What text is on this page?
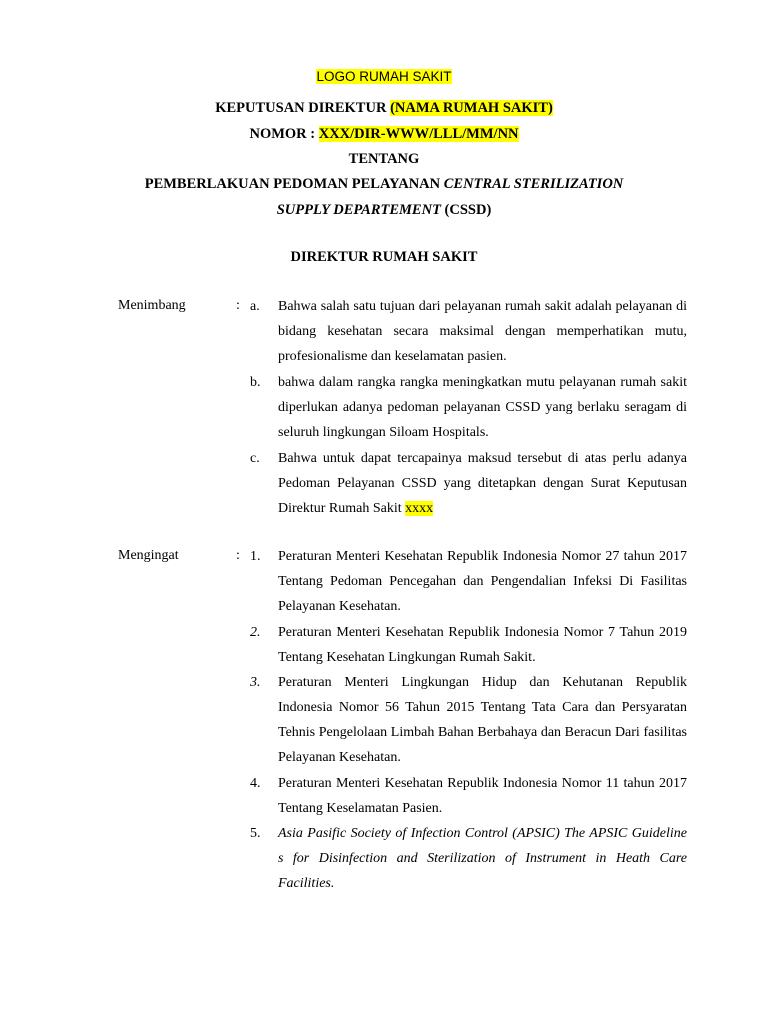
LOGO RUMAH SAKIT
KEPUTUSAN DIREKTUR (NAMA RUMAH SAKIT)
NOMOR : XXX/DIR-WWW/LLL/MM/NN
TENTANG
PEMBERLAKUAN PEDOMAN PELAYANAN CENTRAL STERILIZATION
SUPPLY DEPARTEMENT (CSSD)
DIREKTUR RUMAH SAKIT
Menimbang	: a.	Bahwa salah satu tujuan dari pelayanan rumah sakit adalah pelayanan di bidang kesehatan secara maksimal dengan memperhatikan mutu, profesionalisme dan keselamatan pasien.
b.	bahwa dalam rangka rangka meningkatkan mutu pelayanan rumah sakit diperlukan adanya pedoman pelayanan CSSD yang berlaku seragam di seluruh lingkungan Siloam Hospitals.
c.	Bahwa untuk dapat tercapainya maksud tersebut di atas perlu adanya Pedoman Pelayanan CSSD yang ditetapkan dengan Surat Keputusan Direktur Rumah Sakit xxxx
Mengingat	: 1.	Peraturan Menteri Kesehatan Republik Indonesia Nomor 27 tahun 2017 Tentang Pedoman Pencegahan dan Pengendalian Infeksi Di Fasilitas Pelayanan Kesehatan.
2.	Peraturan Menteri Kesehatan Republik Indonesia Nomor 7 Tahun 2019 Tentang Kesehatan Lingkungan Rumah Sakit.
3.	Peraturan Menteri Lingkungan Hidup dan Kehutanan Republik Indonesia Nomor 56 Tahun 2015 Tentang Tata Cara dan Persyaratan Tehnis Pengelolaan Limbah Bahan Berbahaya dan Beracun Dari fasilitas Pelayanan Kesehatan.
4.	Peraturan Menteri Kesehatan Republik Indonesia Nomor 11 tahun 2017 Tentang Keselamatan Pasien.
5.	Asia Pasific Society of Infection Control (APSIC) The APSIC Guideline s for Disinfection and Sterilization of Instrument in Heath Care Facilities.
